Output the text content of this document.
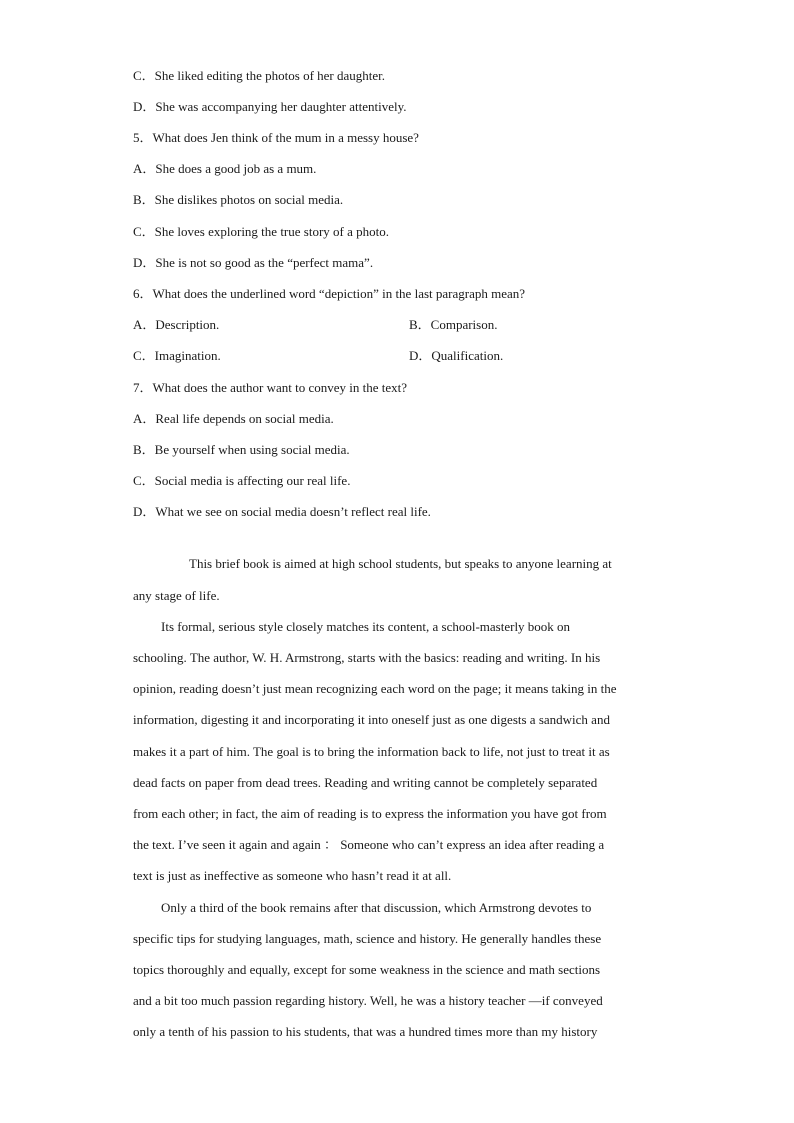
C．She liked editing the photos of her daughter.
D．She was accompanying her daughter attentively.
5．What does Jen think of the mum in a messy house?
A．She does a good job as a mum.
B．She dislikes photos on social media.
C．She loves exploring the true story of a photo.
D．She is not so good as the “perfect mama”.
6．What does the underlined word “depiction” in the last paragraph mean?
A．Description.	B．Comparison.
C．Imagination.	D．Qualification.
7．What does the author want to convey in the text?
A．Real life depends on social media.
B．Be yourself when using social media.
C．Social media is affecting our real life.
D．What we see on social media doesn’t reflect real life.
This brief book is aimed at high school students, but speaks to anyone learning at
any stage of life.
Its formal, serious style closely matches its content, a school-masterly book on
schooling. The author, W. H. Armstrong, starts with the basics: reading and writing. In his
opinion, reading doesn’t just mean recognizing each word on the page; it means taking in the
information, digesting it and incorporating it into oneself just as one digests a sandwich and
makes it a part of him. The goal is to bring the information back to life, not just to treat it as
dead facts on paper from dead trees. Reading and writing cannot be completely separated
from each other; in fact, the aim of reading is to express the information you have got from
the text. I’ve seen it again and again ： Someone who can’t express an idea after reading a
text is just as ineffective as someone who hasn’t read it at all.
Only a third of the book remains after that discussion, which Armstrong devotes to
specific tips for studying languages, math, science and history. He generally handles these
topics thoroughly and equally, except for some weakness in the science and math sections
and a bit too much passion regarding history. Well, he was a history teacher —if conveyed
only a tenth of his passion to his students, that was a hundred times more than my history
